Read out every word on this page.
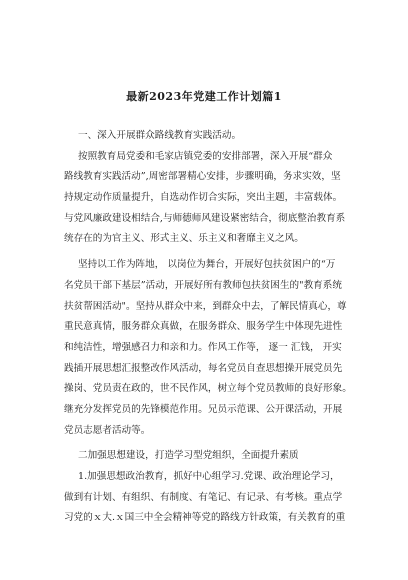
最新2023年党建工作计划篇1
一、深入开展群众路线教育实践活动。
按照教育局党委和毛家店镇党委的安排部署，深入开展“群众
路线教育实践活动”,周密部署精心安排，步骤明确，务求实效，坚
持规定动作质量提升，自选动作切合实际，突出主题，丰富载体。
与党风廉政建设相结合,与师德师风建设紧密结合，彻底整治教育系
统存在的为官主义、形式主义、乐主义和奢靡主义之风。
坚持以工作为阵地， 以岗位为舞台，开展好包扶贫困户的“万
名党员干部下基层”活动，开展好所有教师包扶贫困生的"教育系统
扶贫帮困活动"。坚持从群众中来，到群众中去，了解民情真心，尊
重民意真情，服务群众真做，在服务群众、服务学生中体现先进性
和纯洁性，增强感召力和亲和力。作风工作等， 逐一 汇钱， 开实
践插开展思想汇报整改作风活动，每名党员自查思想操开展党员先
操岗、党员责在政的，世不民作风，树立每个党员教师的良好形象。
继充分发挥党员的先锋模范作用。兄员示范课、公开课活动，开展
党员志愿者活动等。
二加强思想建设，打造学习型党组织，全面提升素质
1.加强思想政治教育，抓好中心组学习.党课、政治理论学习，
做到有计划、有组织、有制度、有笔记、有记录、有考核。重点学
习党的ｘ大.ｘ国三中全会精神等党的路线方针政策，有关教育的重
